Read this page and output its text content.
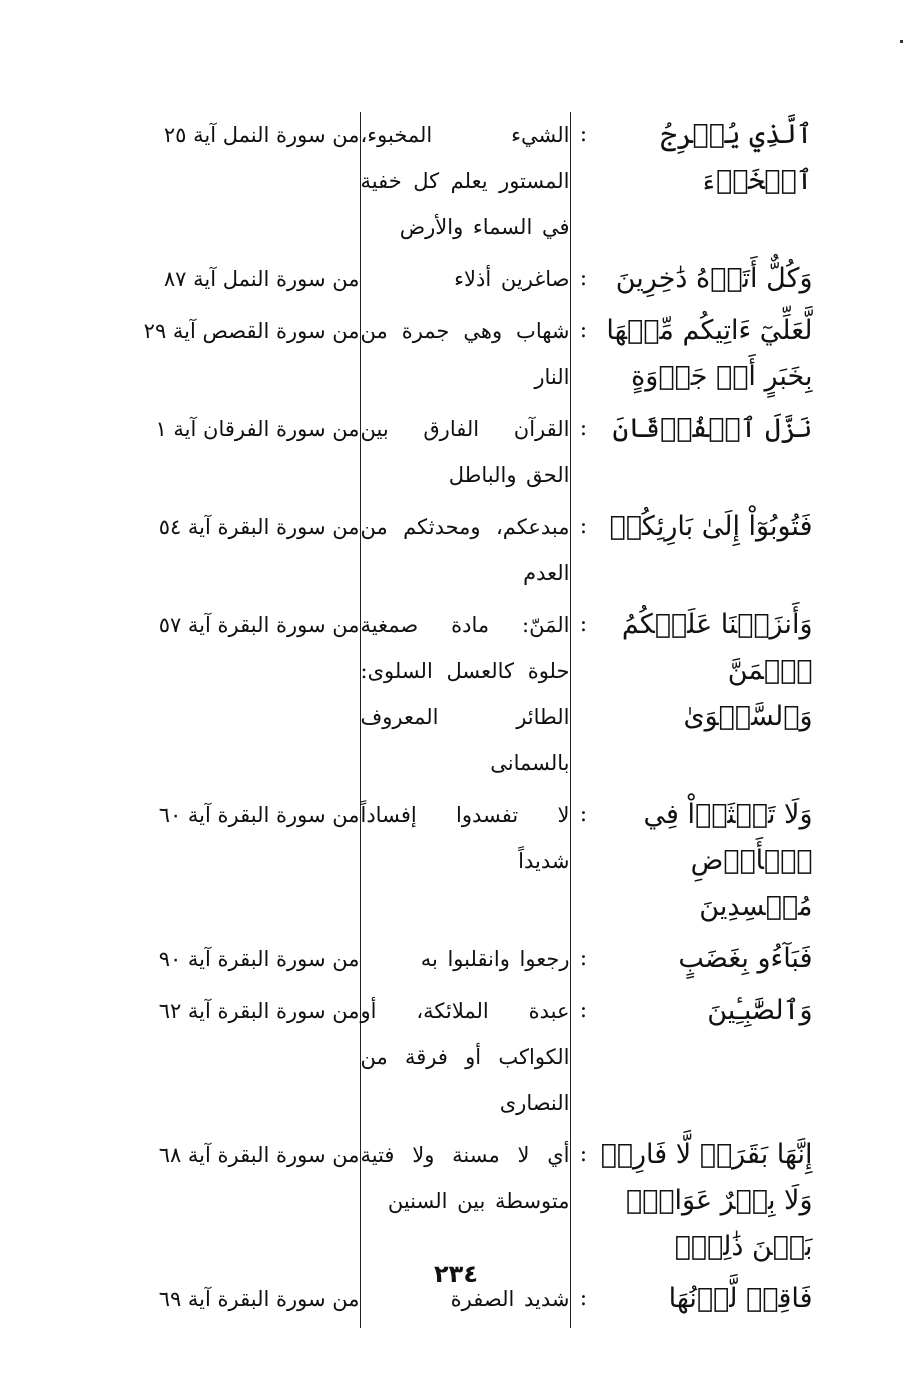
ٱلَّذِي يُخۡرِجُ ٱلۡخَبۡءَ	:	الشيء المخبوء، المستور يعلم كل خفية في السماء والأرض	من سورة النمل آية ٢٥
وَكُلٌّ أَتَوۡهُ دَٰخِرِينَ	:	صاغرين أذلاء	من سورة النمل آية ٨٧
لَّعَلِّيٓ ءَاتِيكُم مِّنۡهَا بِخَبَرٍ أَوۡ جَذۡوَةٍ	:	شهاب وهي جمرة من النار	من سورة القصص آية ٢٩
نَزَّلَ ٱلۡفُرۡقَانَ	:	القرآن الفارق بين الحق والباطل	من سورة الفرقان آية ١
فَتُوبُوٓاْ إِلَىٰ بَارِئِكُمۡ	:	مبدعكم، ومحدثكم من العدم	من سورة البقرة آية ٥٤
وَأَنزَلۡنَا عَلَيۡكُمُ ٱلۡمَنَّ وَٱلسَّلۡوَىٰ	:	المَنّ: مادة صمغية حلوة كالعسل السلوى: الطائر المعروف بالسمانى	من سورة البقرة آية ٥٧
وَلَا تَعۡثَوۡاْ فِي ٱلۡأَرۡضِ مُفۡسِدِينَ	:	لا تفسدوا إفساداً شديداً	من سورة البقرة آية ٦٠
فَبَآءُو بِغَضَبٍ	:	رجعوا وانقلبوا به	من سورة البقرة آية ٩٠
وَٱلصَّٰبِـِٔينَ	:	عبدة الملائكة، أو الكواكب أو فرقة من النصارى	من سورة البقرة آية ٦٢
إِنَّهَا بَقَرَةٞ لَّا فَارِضٞ وَلَا بِكۡرٌ عَوَانُۢ بَيۡنَ ذَٰلِكَۖ	:	أي لا مسنة ولا فتية متوسطة بين السنين	من سورة البقرة آية ٦٨
فَاقِعٞ لَّوۡنُهَا	:	شديد الصفرة	من سورة البقرة آية ٦٩
٢٣٤
